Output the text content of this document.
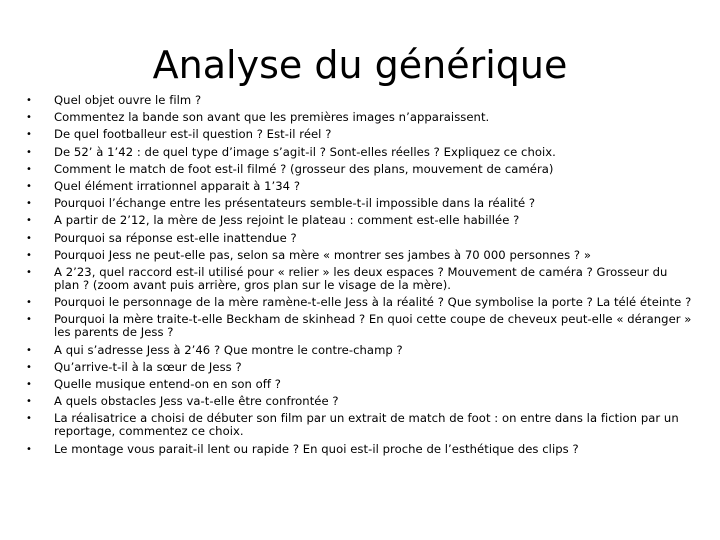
Analyse du générique
•	Quel objet ouvre le film ?
•	Commentez la bande son avant que les premières images n’apparaissent.
•	De quel footballeur est-il question ? Est-il réel ?
•	De 52’ à 1’42 : de quel type d’image s’agit-il ? Sont-elles réelles ? Expliquez ce choix.
•	Comment le match de foot est-il filmé ? (grosseur des plans, mouvement de caméra)
•	Quel élément irrationnel apparait à 1’34 ?
•	Pourquoi l’échange entre les présentateurs semble-t-il impossible dans la réalité ?
•	A partir de 2’12, la mère de Jess rejoint le plateau : comment est-elle habillée ?
•	Pourquoi sa réponse est-elle inattendue ?
•	Pourquoi Jess ne peut-elle pas, selon sa mère « montrer ses jambes à 70 000 personnes ? »
•	A 2’23, quel raccord est-il utilisé pour « relier » les deux espaces ? Mouvement de caméra ? Grosseur du plan ? (zoom avant puis arrière, gros plan sur le visage de la mère).
•	Pourquoi le personnage de la mère ramène-t-elle Jess à la réalité ? Que symbolise la porte ? La télé éteinte ?
•	Pourquoi la mère traite-t-elle Beckham de skinhead ? En quoi cette coupe de cheveux peut-elle « déranger » les parents de Jess ?
•	A qui s’adresse Jess à 2’46 ? Que montre le contre-champ ?
•	Qu’arrive-t-il à la sœur de Jess ?
•	Quelle musique entend-on en son off ?
•	A quels obstacles Jess va-t-elle être confrontée ?
•	La réalisatrice a choisi de débuter son film par un extrait de match de foot : on entre dans la fiction par un reportage, commentez ce choix.
•	Le montage vous parait-il lent ou rapide ? En quoi est-il proche de l’esthétique des clips ?
